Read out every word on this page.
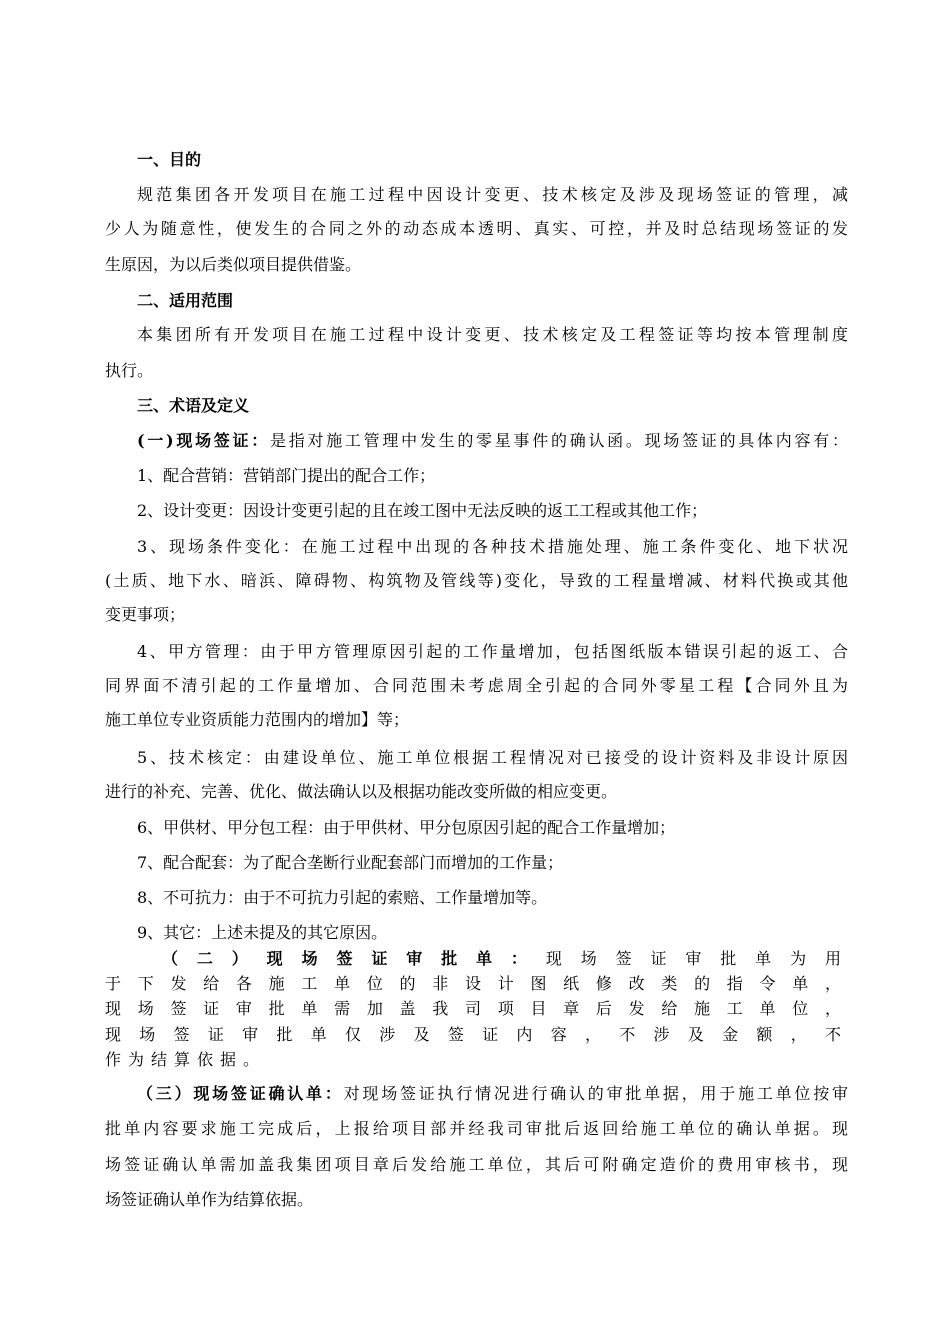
一、目的
规范集团各开发项目在施工过程中因设计变更、技术核定及涉及现场签证的管理，减
少人为随意性，使发生的合同之外的动态成本透明、真实、可控，并及时总结现场签证的发
生原因，为以后类似项目提供借鉴。
二、适用范围
本集团所有开发项目在施工过程中设计变更、技术核定及工程签证等均按本管理制度
执行。
三、术语及定义
(一)现场签证：是指对施工管理中发生的零星事件的确认函。现场签证的具体内容有：
1、配合营销：营销部门提出的配合工作；
2、设计变更：因设计变更引起的且在竣工图中无法反映的返工工程或其他工作；
3、现场条件变化：在施工过程中出现的各种技术措施处理、施工条件变化、地下状况
(土质、地下水、暗浜、障碍物、构筑物及管线等)变化，导致的工程量增减、材料代换或其他
变更事项；
4、甲方管理：由于甲方管理原因引起的工作量增加，包括图纸版本错误引起的返工、合
同界面不清引起的工作量增加、合同范围未考虑周全引起的合同外零星工程【合同外且为
施工单位专业资质能力范围内的增加】等；
5、技术核定：由建设单位、施工单位根据工程情况对已接受的设计资料及非设计原因
进行的补充、完善、优化、做法确认以及根据功能改变所做的相应变更。
6、甲供材、甲分包工程：由于甲供材、甲分包原因引起的配合工作量增加；
7、配合配套：为了配合垄断行业配套部门而增加的工作量；
8、不可抗力：由于不可抗力引起的索赔、工作量增加等。
9、其它：上述未提及的其它原因。
（二）现场签证审批单：现场签证审批单为用
于下发给各施工单位的非设计图纸修改类的指令单，
现场签证审批单需加盖我司项目章后发给施工单位，
现场签证审批单仅涉及签证内容，不涉及金额，不
作为结算依据。
（三）现场签证确认单：对现场签证执行情况进行确认的审批单据，用于施工单位按审
批单内容要求施工完成后，上报给项目部并经我司审批后返回给施工单位的确认单据。现
场签证确认单需加盖我集团项目章后发给施工单位，其后可附确定造价的费用审核书，现
场签证确认单作为结算依据。
